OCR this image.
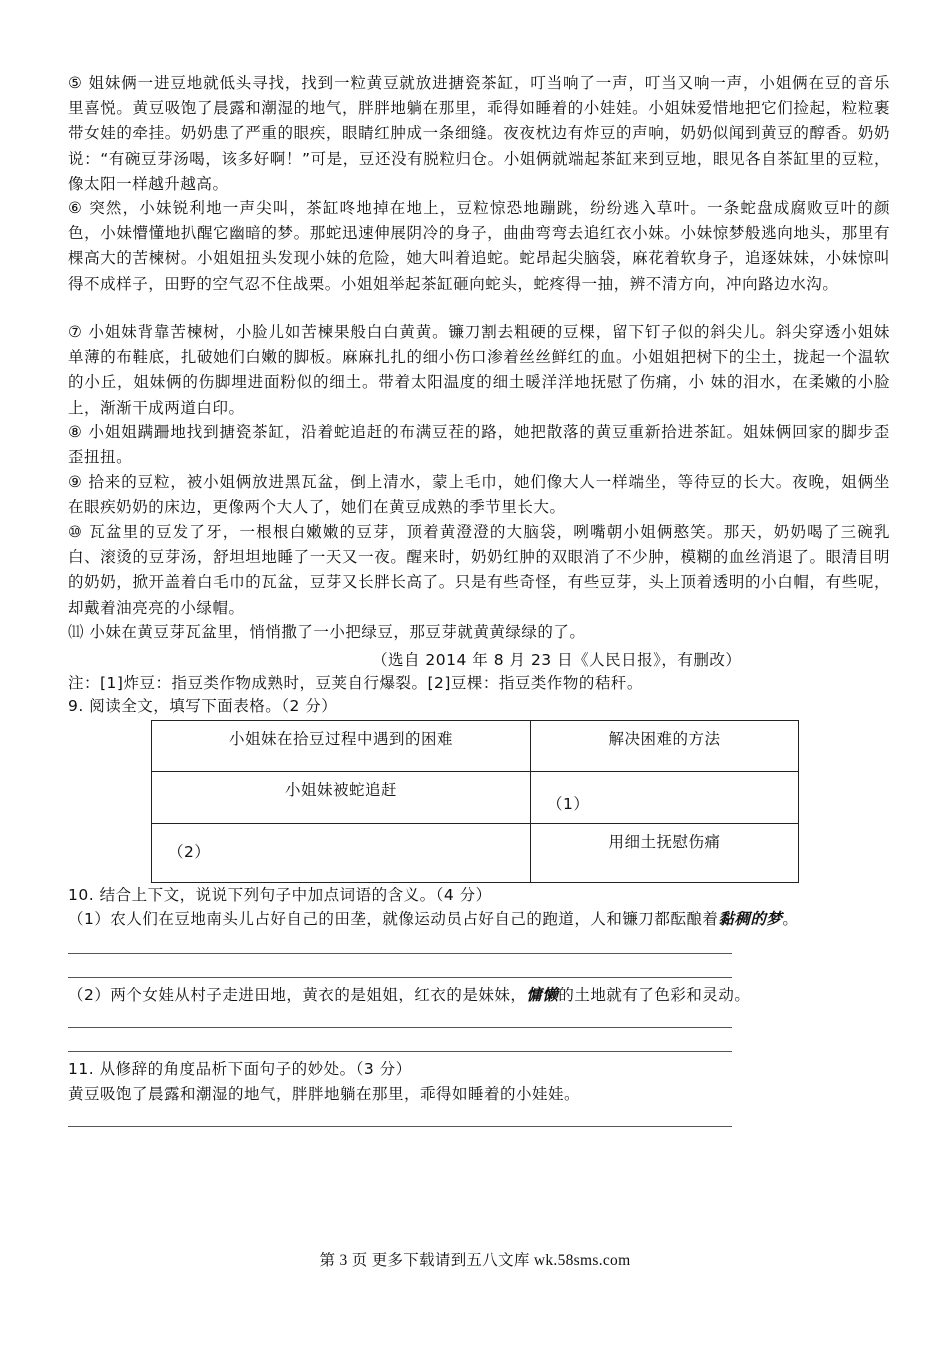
⑤ 姐妹俩一进豆地就低头寻找，找到一粒黄豆就放进搪瓷茶缸，叮当响了一声，叮当又响一声，小姐俩在豆的音乐里喜悦。黄豆吸饱了晨露和潮湿的地气，胖胖地躺在那里，乖得如睡着的小娃娃。小姐妹爱惜地把它们捡起，粒粒裹带女娃的牵挂。奶奶患了严重的眼疾，眼睛红肿成一条细缝。夜夜枕边有炸豆的声响，奶奶似闻到黄豆的醇香。奶奶说：“有碗豆芽汤喝，该多好啊！”可是，豆还没有脱粒归仓。小姐俩就端起茶缸来到豆地，眼见各自茶缸里的豆粒，像太阳一样越升越高。

⑥ 突然，小妹锐利地一声尖叫，茶缸咚地掉在地上，豆粒惊恐地蹦跳，纷纷逃入草叶。一条蛇盘成腐败豆叶的颜色，小妹懵懂地扒醒它幽暗的梦。那蛇迅速伸展阴冷的身子，曲曲弯弯去追红衣小妹。小妹惊梦般逃向地头，那里有棵高大的苦楝树。小姐姐扭头发现小妹的危险，她大叫着追蛇。蛇昂起尖脑袋，麻花着软身子，追逐妹妹，小妹惊叫得不成样子，田野的空气忍不住战栗。小姐姐举起茶缸砸向蛇头，蛇疼得一抽，辨不清方向，冲向路边水沟。

⑦ 小姐妹背靠苦楝树，小脸儿如苦楝果般白白黄黄。镰刀割去粗硬的豆棵，留下钉子似的斜尖儿。斜尖穿透小姐妹单薄的布鞋底，扎破她们白嫩的脚板。麻麻扎扎的细小伤口渗着丝丝鲜红的血。小姐姐把树下的尘土，拢起一个温软的小丘，姐妹俩的伤脚埋进面粉似的细土。带着太阳温度的细土暖洋洋地抚慰了伤痛，小 妹的泪水，在柔嫩的小脸上，渐渐干成两道白印。

⑧ 小姐姐蹒跚地找到搪瓷茶缸，沿着蛇追赶的布满豆茬的路，她把散落的黄豆重新拾进茶缸。姐妹俩回家的脚步歪歪扭扭。

⑨ 拾来的豆粒，被小姐俩放进黑瓦盆，倒上清水，蒙上毛巾，她们像大人一样端坐，等待豆的长大。夜晚，姐俩坐在眼疾奶奶的床边，更像两个大人了，她们在黄豆成熟的季节里长大。

⑩ 瓦盆里的豆发了牙，一根根白嫩嫩的豆芽，顶着黄澄澄的大脑袋，咧嘴朝小姐俩憨笑。那天，奶奶喝了三碗乳白、滚烫的豆芽汤，舒坦坦地睡了一天又一夜。醒来时，奶奶红肿的双眼消了不少肿，模糊的血丝消退了。眼清目明的奶奶，掀开盖着白毛巾的瓦盆，豆芽又长胖长高了。只是有些奇怪，有些豆芽，头上顶着透明的小白帽，有些呢，却戴着油亮亮的小绿帽。

⑾ 小妹在黄豆芽瓦盆里，悄悄撒了一小把绿豆，那豆芽就黄黄绿绿的了。

（选自 2014 年 8 月 23 日《人民日报》，有删改）

注：[1]炸豆：指豆类作物成熟时，豆荚自行爆裂。[2]豆棵：指豆类作物的秸秆。

9. 阅读全文，填写下面表格。（2 分）

小姐妹在拾豆过程中遇到的困难	解决困难的方法
小姐妹被蛇追赶	（1）
（2）	用细土抚慰伤痛

10. 结合上下文，说说下列句子中加点词语的含义。（4 分）

（1）农人们在豆地南头儿占好自己的田垄，就像运动员占好自己的跑道，人和镰刀都酝酿着黏稠的梦。

（2）两个女娃从村子走进田地，黄衣的是姐姐，红衣的是妹妹，慵懒的土地就有了色彩和灵动。

11. 从修辞的角度品析下面句子的妙处。（3 分）

黄豆吸饱了晨露和潮湿的地气，胖胖地躺在那里，乖得如睡着的小娃娃。

第 3 页 更多下载请到五八文库 wk.58sms.com
